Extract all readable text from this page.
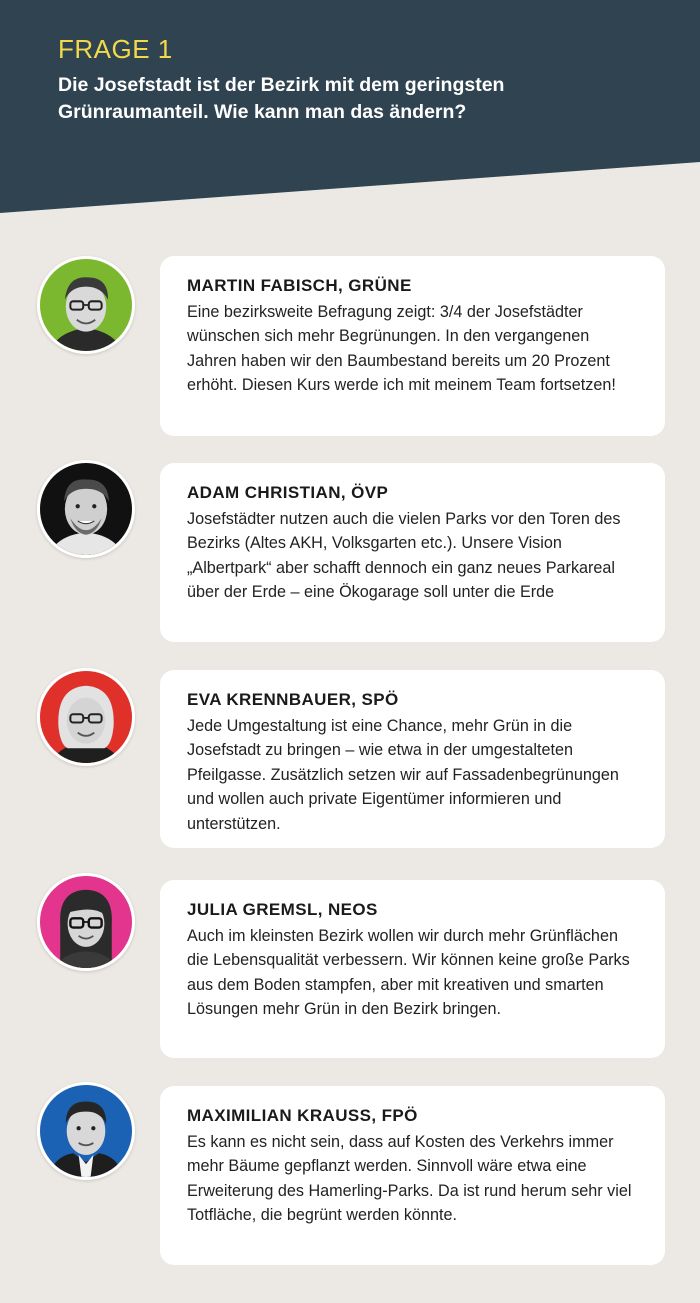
FRAGE 1
Die Josefstadt ist der Bezirk mit dem geringsten Grünraumanteil. Wie kann man das ändern?
MARTIN FABISCH, GRÜNE
Eine bezirksweite Befragung zeigt: 3/4 der Josefstädter wünschen sich mehr Begrünungen. In den vergangenen Jahren haben wir den Baumbestand bereits um 20 Prozent erhöht. Diesen Kurs werde ich mit meinem Team fortsetzen!
ADAM CHRISTIAN, ÖVP
Josefstädter nutzen auch die vielen Parks vor den Toren des Bezirks (Altes AKH, Volksgarten etc.). Unsere Vision „Albertpark“ aber schafft dennoch ein ganz neues Parkareal über der Erde – eine Ökogarage soll unter die Erde
EVA KRENNBAUER, SPÖ
Jede Umgestaltung ist eine Chance, mehr Grün in die Josefstadt zu bringen – wie etwa in der umgestalteten Pfeilgasse. Zusätzlich setzen wir auf Fassadenbegrünungen und wollen auch private Eigentümer informieren und unterstützen.
JULIA GREMSL, NEOS
Auch im kleinsten Bezirk wollen wir durch mehr Grünflächen die Lebensqualität verbessern. Wir können keine große Parks aus dem Boden stampfen, aber mit kreativen und smarten Lösungen mehr Grün in den Bezirk bringen.
MAXIMILIAN KRAUSS, FPÖ
Es kann es nicht sein, dass auf Kosten des Verkehrs immer mehr Bäume gepflanzt werden. Sinnvoll wäre etwa eine Erweiterung des Hamerling-Parks. Da ist rund herum sehr viel Totfläche, die begrünt werden könnte.
